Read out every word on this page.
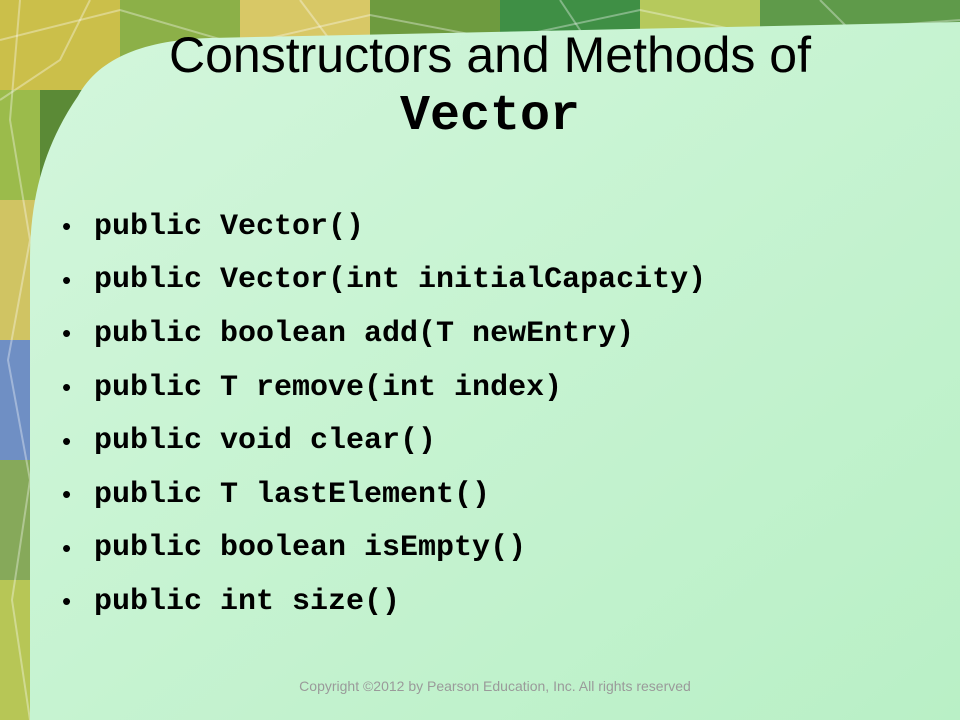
Constructors and Methods of
Vector
• public Vector()
• public Vector(int initialCapacity)
• public boolean add(T newEntry)
• public T remove(int index)
• public void clear()
• public T lastElement()
• public boolean isEmpty()
• public int size()
Copyright ©2012 by Pearson Education, Inc. All rights reserved
